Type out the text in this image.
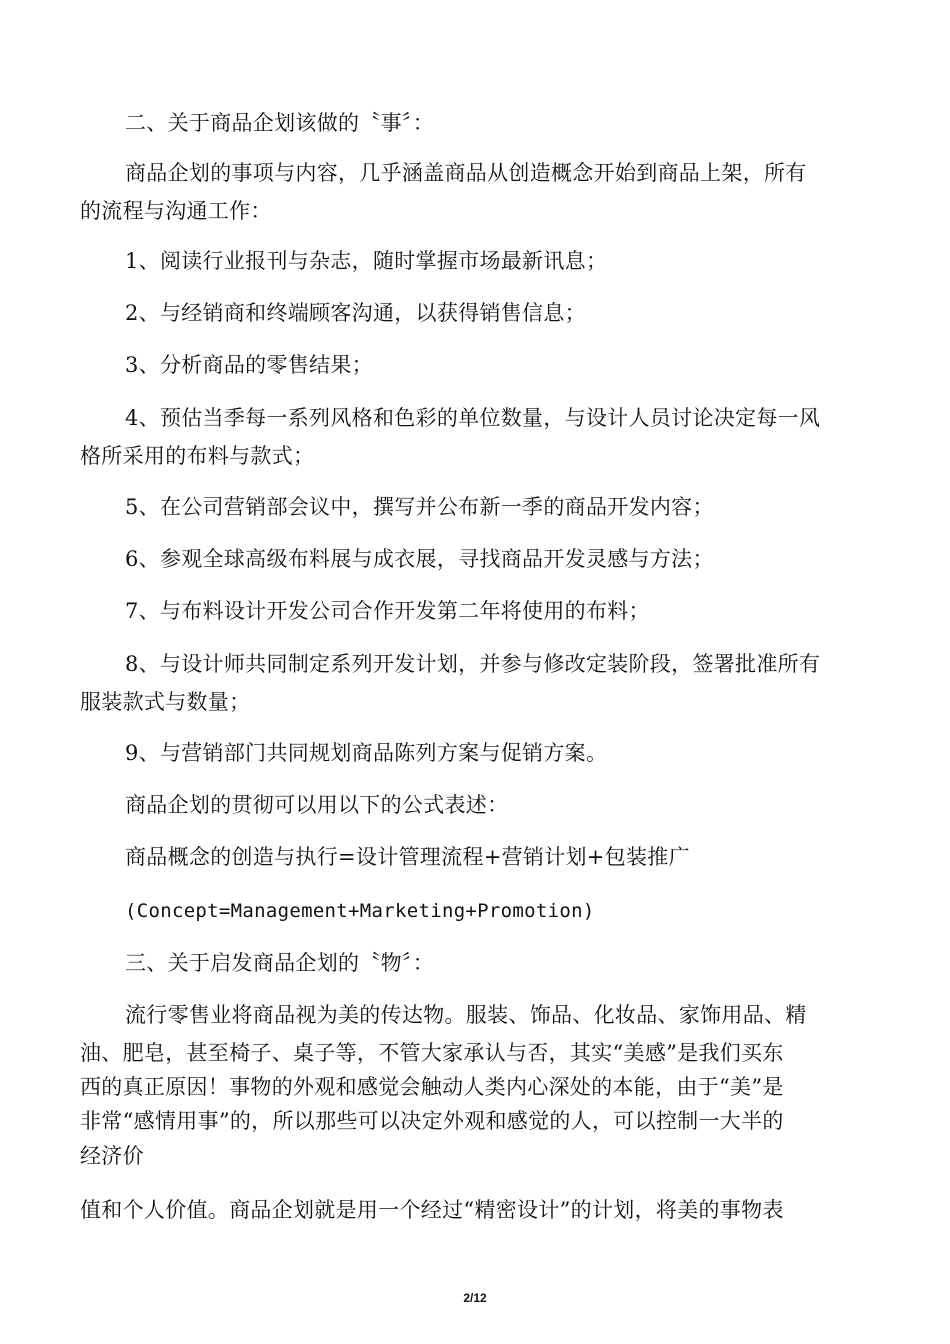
二、关于商品企划该做的〝事〞：
商品企划的事项与内容，几乎涵盖商品从创造概念开始到商品上架，所有
的流程与沟通工作：
1、阅读行业报刊与杂志，随时掌握市场最新讯息；
2、与经销商和终端顾客沟通，以获得销售信息；
3、分析商品的零售结果；
4、预估当季每一系列风格和色彩的单位数量，与设计人员讨论决定每一风
格所采用的布料与款式；
5、在公司营销部会议中，撰写并公布新一季的商品开发内容；
6、参观全球高级布料展与成衣展，寻找商品开发灵感与方法；
7、与布料设计开发公司合作开发第二年将使用的布料；
8、与设计师共同制定系列开发计划，并参与修改定装阶段，签署批准所有
服装款式与数量；
9、与营销部门共同规划商品陈列方案与促销方案。
商品企划的贯彻可以用以下的公式表述：
商品概念的创造与执行=设计管理流程+营销计划+包装推广
(Concept=Management+Marketing+Promotion)
三、关于启发商品企划的〝物〞：
流行零售业将商品视为美的传达物。服装、饰品、化妆品、家饰用品、精
油、肥皂，甚至椅子、桌子等，不管大家承认与否，其实“美感”是我们买东
西的真正原因！事物的外观和感觉会触动人类内心深处的本能，由于“美”是
非常“感情用事”的，所以那些可以决定外观和感觉的人，可以控制一大半的
经济价
值和个人价值。商品企划就是用一个经过“精密设计”的计划，将美的事物表
2/12
